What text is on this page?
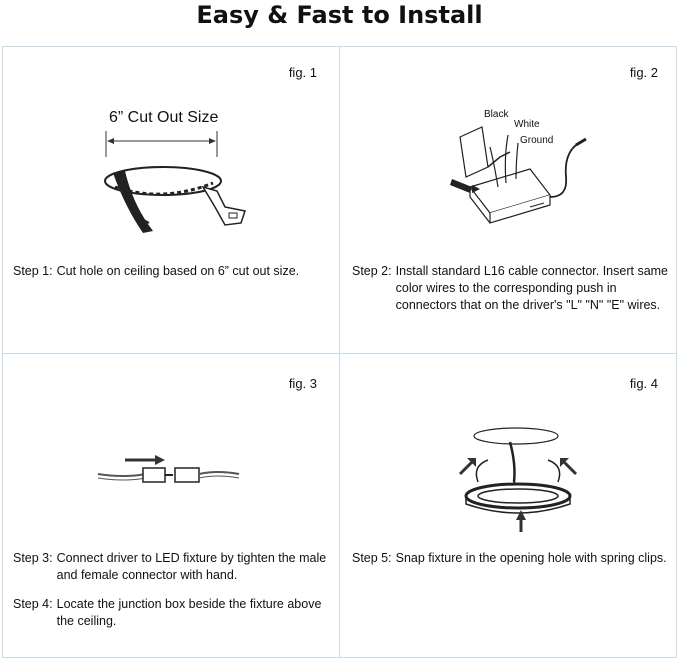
Easy & Fast to Install
fig. 1
6” Cut Out Size
Step 1: Cut hole on ceiling based on 6” cut out size.
fig. 2
Black
White
Ground
Step 2: Install standard L16 cable connector. Insert same color wires to the corresponding push in connectors that on the driver's "L" "N" "E" wires.
fig. 3
Step 3: Connect driver to LED fixture by tighten the male and female connector with hand.
Step 4: Locate the junction box beside the fixture above the ceiling.
fig. 4
Step 5: Snap fixture in the opening hole with spring clips.
